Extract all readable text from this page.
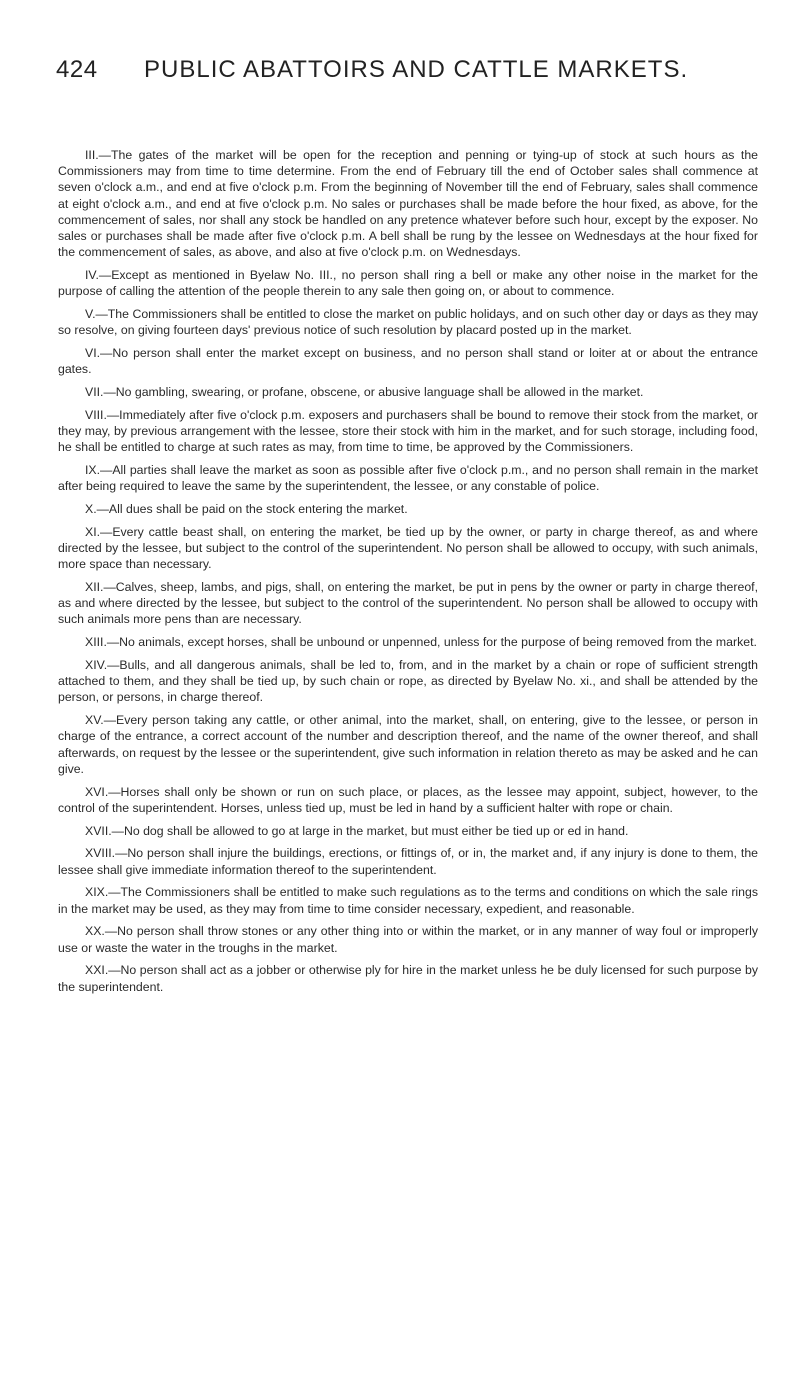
424 PUBLIC ABATTOIRS AND CATTLE MARKETS.

III.—The gates of the market will be open for the reception and penning or tying-up of stock at such hours as the Commissioners may from time to time determine. From the end of February till the end of October sales shall commence at seven o'clock a.m., and end at five o'clock p.m. From the beginning of November till the end of February, sales shall commence at eight o'clock a.m., and end at five o'clock p.m. No sales or purchases shall be made before the hour fixed, as above, for the commencement of sales, nor shall any stock be handled on any pretence whatever before such hour, except by the exposer. No sales or purchases shall be made after five o'clock p.m. A bell shall be rung by the lessee on Wednesdays at the hour fixed for the commencement of sales, as above, and also at five o'clock p.m. on Wednesdays.

IV.—Except as mentioned in Byelaw No. III., no person shall ring a bell or make any other noise in the market for the purpose of calling the attention of the people therein to any sale then going on, or about to commence.

V.—The Commissioners shall be entitled to close the market on public holidays, and on such other day or days as they may so resolve, on giving fourteen days' previous notice of such resolution by placard posted up in the market.

VI.—No person shall enter the market except on business, and no person shall stand or loiter at or about the entrance gates.

VII.—No gambling, swearing, or profane, obscene, or abusive language shall be allowed in the market.

VIII.—Immediately after five o'clock p.m. exposers and purchasers shall be bound to remove their stock from the market, or they may, by previous arrangement with the lessee, store their stock with him in the market, and for such storage, including food, he shall be entitled to charge at such rates as may, from time to time, be approved by the Commissioners.

IX.—All parties shall leave the market as soon as possible after five o'clock p.m., and no person shall remain in the market after being required to leave the same by the superintendent, the lessee, or any constable of police.

X.—All dues shall be paid on the stock entering the market.

XI.—Every cattle beast shall, on entering the market, be tied up by the owner, or party in charge thereof, as and where directed by the lessee, but subject to the control of the superintendent. No person shall be allowed to occupy, with such animals, more space than necessary.

XII.—Calves, sheep, lambs, and pigs, shall, on entering the market, be put in pens by the owner or party in charge thereof, as and where directed by the lessee, but subject to the control of the superintendent. No person shall be allowed to occupy with such animals more pens than are necessary.

XIII.—No animals, except horses, shall be unbound or unpenned, unless for the purpose of being removed from the market.

XIV.—Bulls, and all dangerous animals, shall be led to, from, and in the market by a chain or rope of sufficient strength attached to them, and they shall be tied up, by such chain or rope, as directed by Byelaw No. xi., and shall be attended by the person, or persons, in charge thereof.

XV.—Every person taking any cattle, or other animal, into the market, shall, on entering, give to the lessee, or person in charge of the entrance, a correct account of the number and description thereof, and the name of the owner thereof, and shall afterwards, on request by the lessee or the superintendent, give such information in relation thereto as may be asked and he can give.

XVI.—Horses shall only be shown or run on such place, or places, as the lessee may appoint, subject, however, to the control of the superintendent. Horses, unless tied up, must be led in hand by a sufficient halter with rope or chain.

XVII.—No dog shall be allowed to go at large in the market, but must either be tied up or ed in hand.

XVIII.—No person shall injure the buildings, erections, or fittings of, or in, the market and, if any injury is done to them, the lessee shall give immediate information thereof to the superintendent.

XIX.—The Commissioners shall be entitled to make such regulations as to the terms and conditions on which the sale rings in the market may be used, as they may from time to time consider necessary, expedient, and reasonable.

XX.—No person shall throw stones or any other thing into or within the market, or in any manner of way foul or improperly use or waste the water in the troughs in the market.

XXI.—No person shall act as a jobber or otherwise ply for hire in the market unless he be duly licensed for such purpose by the superintendent.
